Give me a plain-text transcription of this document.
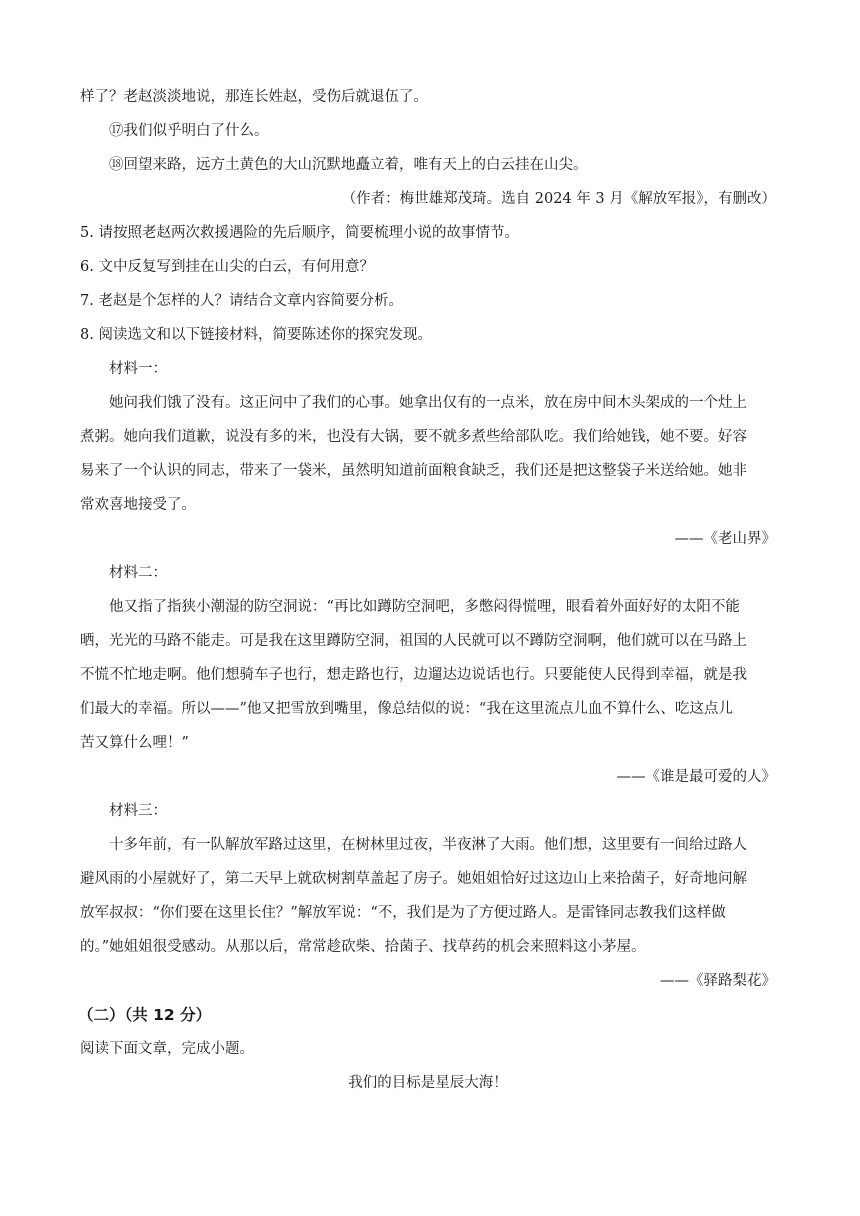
样了？老赵淡淡地说，那连长姓赵，受伤后就退伍了。
⑰我们似乎明白了什么。
⑱回望来路，远方土黄色的大山沉默地矗立着，唯有天上的白云挂在山尖。
（作者：梅世雄郑茂琦。选自 2024 年 3 月《解放军报》，有删改）
5. 请按照老赵两次救援遇险的先后顺序，简要梳理小说的故事情节。
6. 文中反复写到挂在山尖的白云，有何用意？
7. 老赵是个怎样的人？请结合文章内容简要分析。
8. 阅读选文和以下链接材料，简要陈述你的探究发现。
材料一：
她问我们饿了没有。这正问中了我们的心事。她拿出仅有的一点米，放在房中间木头架成的一个灶上
煮粥。她向我们道歉，说没有多的米，也没有大锅，要不就多煮些给部队吃。我们给她钱，她不要。好容
易来了一个认识的同志，带来了一袋米，虽然明知道前面粮食缺乏，我们还是把这整袋子米送给她。她非
常欢喜地接受了。
——《老山界》
材料二：
他又指了指狭小潮湿的防空洞说：“再比如蹲防空洞吧，多憋闷得慌哩，眼看着外面好好的太阳不能
晒，光光的马路不能走。可是我在这里蹲防空洞，祖国的人民就可以不蹲防空洞啊，他们就可以在马路上
不慌不忙地走啊。他们想骑车子也行，想走路也行，边遛达边说话也行。只要能使人民得到幸福，就是我
们最大的幸福。所以——”他又把雪放到嘴里，像总结似的说：“我在这里流点儿血不算什么、吃这点儿
苦又算什么哩！”
——《谁是最可爱的人》
材料三：
十多年前，有一队解放军路过这里，在树林里过夜，半夜淋了大雨。他们想，这里要有一间给过路人
避风雨的小屋就好了，第二天早上就砍树割草盖起了房子。她姐姐恰好过这边山上来拾菌子，好奇地问解
放军叔叔：“你们要在这里长住？”解放军说：“不，我们是为了方便过路人。是雷锋同志教我们这样做
的。”她姐姐很受感动。从那以后，常常趁砍柴、拾菌子、找草药的机会来照料这小茅屋。
——《驿路梨花》
（二）（共 12 分）
阅读下面文章，完成小题。
我们的目标是星辰大海！
